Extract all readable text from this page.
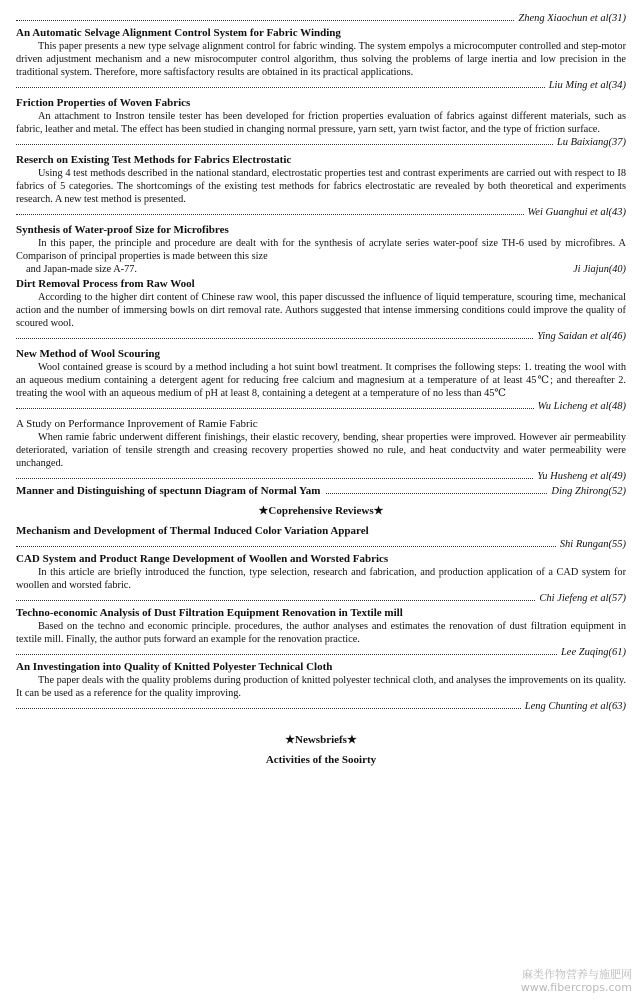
Zheng Xiaochun et al(31)
An Automatic Selvage Alignment Control System for Fabric Winding
This paper presents a new type selvage alignment control for fabric winding. The system empolys a microcomputer controlled and step-motor driven adjustment mechanism and a new misrocomputer control algorithm, thus solving the problems of large inertia and low precision in the traditional system. Therefore, more saftisfactory results are obtained in its practical applications.
Liu Ming et al(34)
Friction Properties of Woven Fabrics
An attachment to Instron tensile tester has been developed for friction properties evaluation of fabrics against different materials, such as fabric, leather and metal. The effect has been studied in changing normal pressure, yarn sett, yarn twist factor, and the type of friction surface.
Lu Baixiang(37)
Reserch on Existing Test Methods for Fabrics Electrostatic
Using 4 test methods described in the national standard, electrostatic properties test and contrast experiments are carried out with respect to I8 fabrics of 5 categories. The shortcomings of the existing test methods for fabrics electrostatic are revealed by both theoretical and experiments research. A new test method is presented.
Wei Guanghui et al(43)
Synthesis of Water-proof Size for Microfibres
In this paper, the principle and procedure are dealt with for the synthesis of acrylate series water-poof size TH-6 used by microfibres. A Comparison of principal properties is made between this size
and Japan-made size A-77.	Ji Jiajun(40)
Dirt Removal Process from Raw Wool
According to the higher dirt content of Chinese raw wool, this paper discussed the influence of liquid temperature, scouring time, mechanical action and the number of immersing bowls on dirt removal rate. Authors suggested that intense immersing conditions could improve the quality of scoured wool.
Ying Saidan et al(46)
New Method of Wool Scouring
Wool contained grease is scourd by a method including a hot suint bowl treatment. It comprises the following steps: 1. treating the wool with an aqueous medium containing a detergent agent for reducing free calcium and magnesium at a temperature of at least 45℃; and thereafter 2. treating the wool with an aqueous medium of pH at least 8, containing a detegent at a temperature of no less than 45℃
Wu Licheng et al(48)
A Study on Performance Inprovement of Ramie Fabric
When ramie fabric underwent different finishings, their elastic recovery, bending, shear properties were improved. However air permeability deteriorated, variation of tensile strength and creasing recovery properties showed no rule, and heat conductvity and water permeability were unchanged.
Yu Husheng et al(49)
Manner and Distinguishing of spectunn Diagram of Normal Yam	Ding Zhirong(52)
★Coprehensive Reviews★
Mechanism and Development of Thermal Induced Color Variation Apparel
Shi Rungan(55)
CAD System and Product Range Development of Woollen and Worsted Fabrics
In this article are briefly introduced the function, type selection, research and fabrication, and production application of a CAD system for woollen and worsted fabric.
Chi Jiefeng et al(57)
Techno-economic Analysis of Dust Filtration Equipment Renovation in Textile mill
Based on the techno and economic principle. procedures, the author analyses and estimates the renovation of dust filtration equipment in textile mill. Finally, the author puts forward an example for the renovation practice.
Lee Zuqing(61)
An Investingation into Quality of Knitted Polyester Technical Cloth
The paper deals with the quality problems during production of knitted polyester technical cloth, and analyses the improvements on its quality. It can be used as a reference for the quality improving.
Leng Chunting et al(63)
★Newsbriefs★
Activities of the Sooirty
麻类作物营养与施肥网
www.fibercrops.com
